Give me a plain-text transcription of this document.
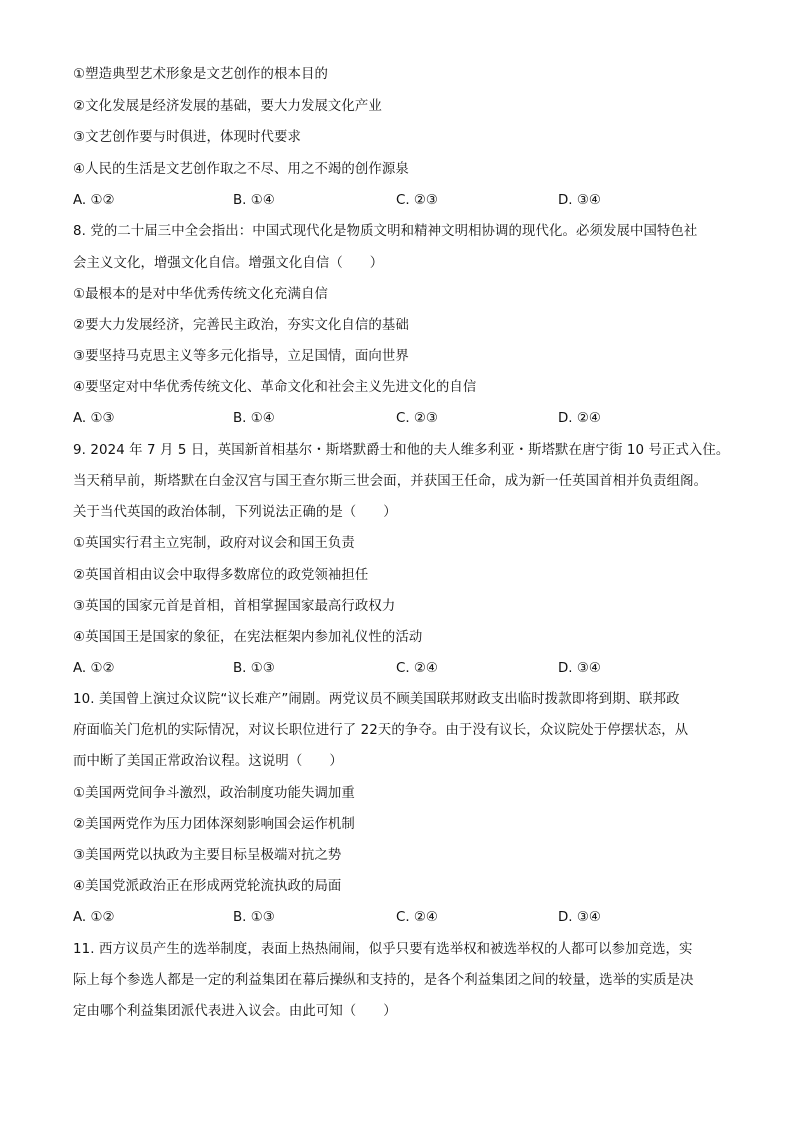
①塑造典型艺术形象是文艺创作的根本目的
②文化发展是经济发展的基础，要大力发展文化产业
③文艺创作要与时俱进，体现时代要求
④人民的生活是文艺创作取之不尽、用之不竭的创作源泉
A. ①②	B. ①④	C. ②③	D. ③④
8. 党的二十届三中全会指出：中国式现代化是物质文明和精神文明相协调的现代化。必须发展中国特色社
会主义文化，增强文化自信。增强文化自信（　　）
①最根本的是对中华优秀传统文化充满自信
②要大力发展经济，完善民主政治，夯实文化自信的基础
③要坚持马克思主义等多元化指导，立足国情，面向世界
④要坚定对中华优秀传统文化、革命文化和社会主义先进文化的自信
A. ①③	B. ①④	C. ②③	D. ②④
9. 2024 年 7 月 5 日，英国新首相基尔・斯塔默爵士和他的夫人维多利亚・斯塔默在唐宁街 10 号正式入住。
当天稍早前，斯塔默在白金汉宫与国王查尔斯三世会面，并获国王任命，成为新一任英国首相并负责组阁。
关于当代英国的政治体制，下列说法正确的是（　　）
①英国实行君主立宪制，政府对议会和国王负责
②英国首相由议会中取得多数席位的政党领袖担任
③英国的国家元首是首相，首相掌握国家最高行政权力
④英国国王是国家的象征，在宪法框架内参加礼仪性的活动
A. ①②	B. ①③	C. ②④	D. ③④
10. 美国曾上演过众议院“议长难产”闹剧。两党议员不顾美国联邦财政支出临时拨款即将到期、联邦政
府面临关门危机的实际情况，对议长职位进行了 22天的争夺。由于没有议长，众议院处于停摆状态，从
而中断了美国正常政治议程。这说明（　　）
①美国两党间争斗激烈，政治制度功能失调加重
②美国两党作为压力团体深刻影响国会运作机制
③美国两党以执政为主要目标呈极端对抗之势
④美国党派政治正在形成两党轮流执政的局面
A. ①②	B. ①③	C. ②④	D. ③④
11. 西方议员产生的选举制度，表面上热热闹闹，似乎只要有选举权和被选举权的人都可以参加竞选，实
际上每个参选人都是一定的利益集团在幕后操纵和支持的，是各个利益集团之间的较量，选举的实质是决
定由哪个利益集团派代表进入议会。由此可知（　　）
